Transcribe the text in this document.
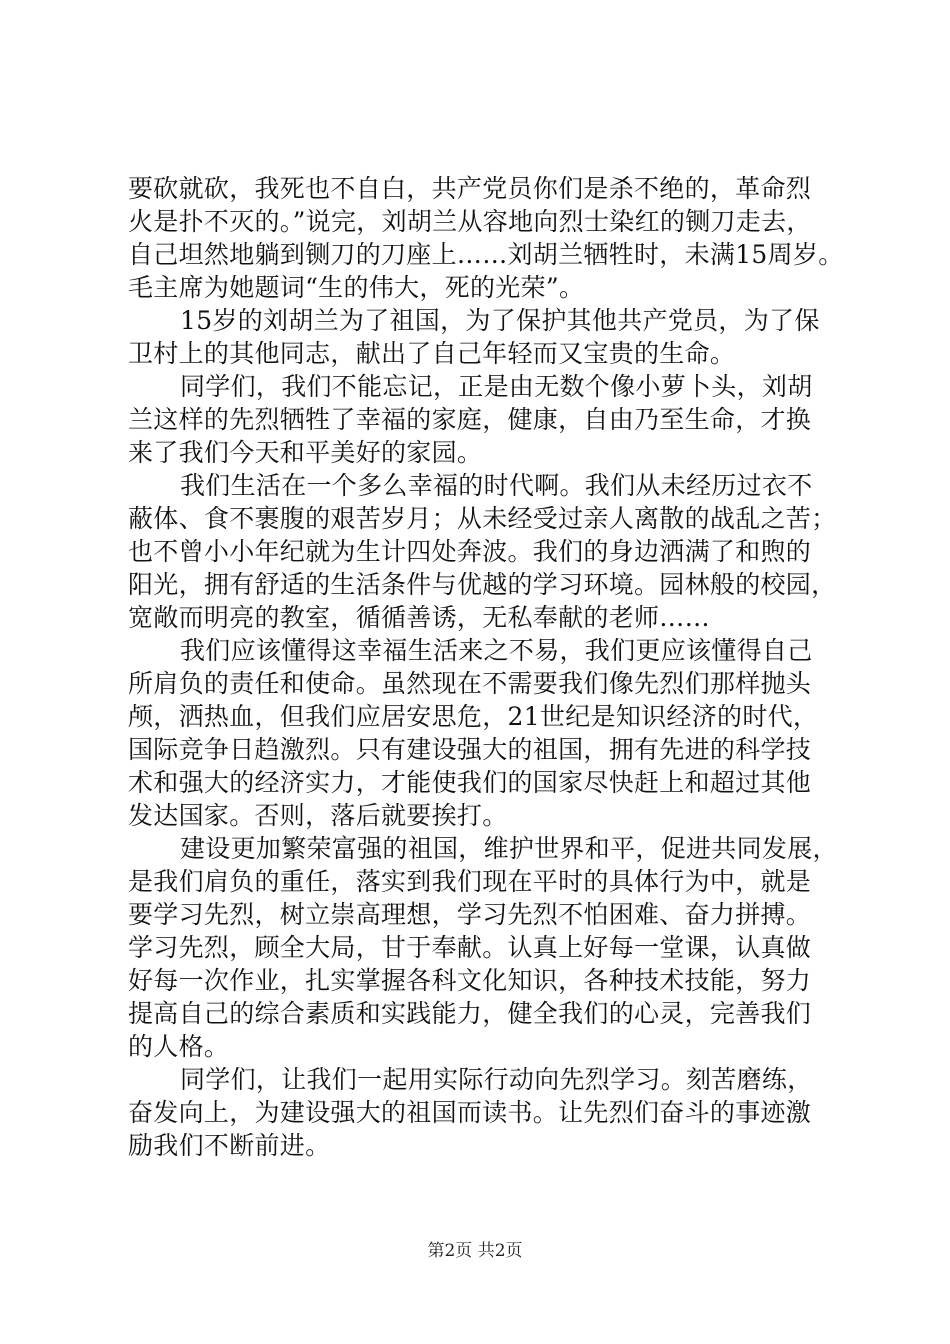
要砍就砍，我死也不自白，共产党员你们是杀不绝的，革命烈
火是扑不灭的。”说完，刘胡兰从容地向烈士染红的铡刀走去，
自己坦然地躺到铡刀的刀座上……刘胡兰牺牲时，未满15周岁。
毛主席为她题词“生的伟大，死的光荣”。
15岁的刘胡兰为了祖国，为了保护其他共产党员，为了保
卫村上的其他同志，献出了自己年轻而又宝贵的生命。
同学们，我们不能忘记，正是由无数个像小萝卜头，刘胡
兰这样的先烈牺牲了幸福的家庭，健康，自由乃至生命，才换
来了我们今天和平美好的家园。
我们生活在一个多么幸福的时代啊。我们从未经历过衣不
蔽体、食不裹腹的艰苦岁月；从未经受过亲人离散的战乱之苦；
也不曾小小年纪就为生计四处奔波。我们的身边洒满了和煦的
阳光，拥有舒适的生活条件与优越的学习环境。园林般的校园，
宽敞而明亮的教室，循循善诱，无私奉献的老师……
我们应该懂得这幸福生活来之不易，我们更应该懂得自己
所肩负的责任和使命。虽然现在不需要我们像先烈们那样抛头
颅，洒热血，但我们应居安思危，21世纪是知识经济的时代，
国际竞争日趋激烈。只有建设强大的祖国，拥有先进的科学技
术和强大的经济实力，才能使我们的国家尽快赶上和超过其他
发达国家。否则，落后就要挨打。
建设更加繁荣富强的祖国，维护世界和平，促进共同发展，
是我们肩负的重任，落实到我们现在平时的具体行为中，就是
要学习先烈，树立崇高理想，学习先烈不怕困难、奋力拼搏。
学习先烈，顾全大局，甘于奉献。认真上好每一堂课，认真做
好每一次作业，扎实掌握各科文化知识，各种技术技能，努力
提高自己的综合素质和实践能力，健全我们的心灵，完善我们
的人格。
同学们，让我们一起用实际行动向先烈学习。刻苦磨练，
奋发向上，为建设强大的祖国而读书。让先烈们奋斗的事迹激
励我们不断前进。
第2页 共2页
